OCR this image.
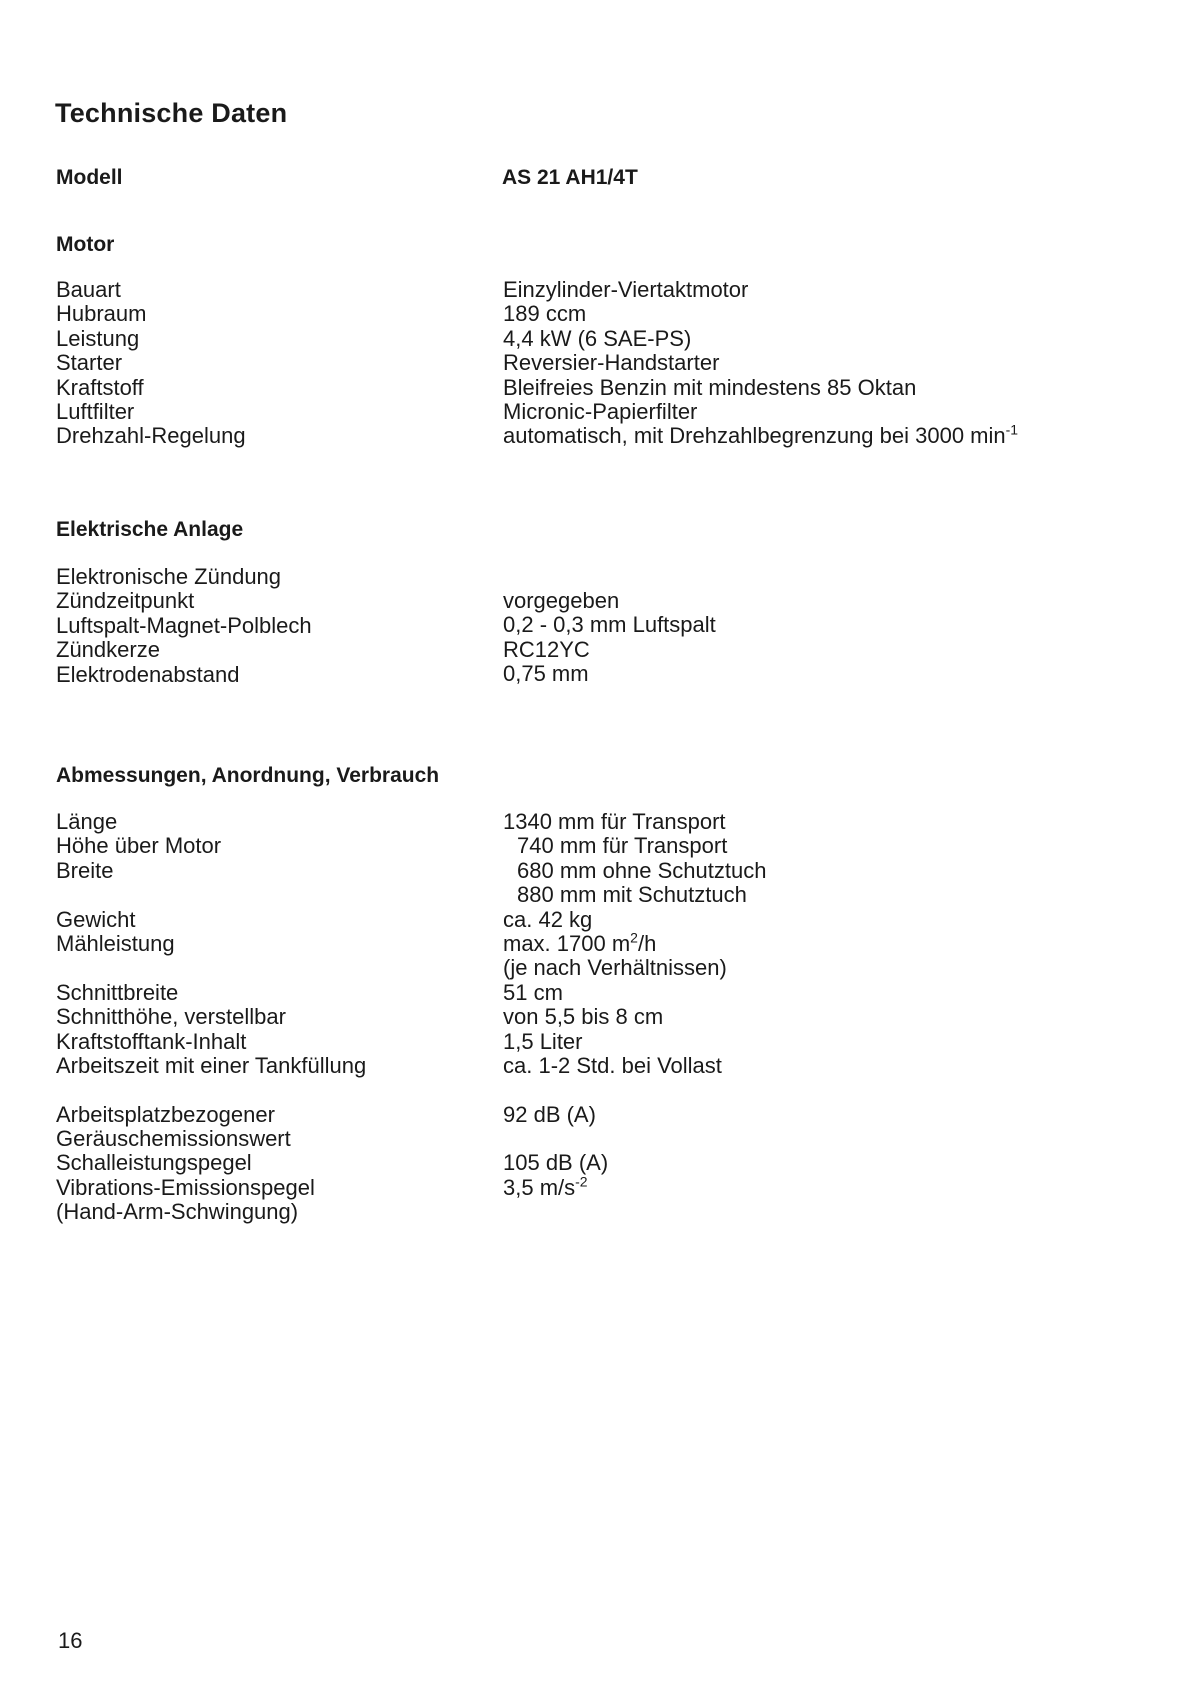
Technische Daten
Modell	AS 21 AH1/4T
Motor
Bauart
Hubraum
Leistung
Starter
Kraftstoff
Luftfilter
Drehzahl-Regelung
Einzylinder-Viertaktmotor
189 ccm
4,4 kW (6 SAE-PS)
Reversier-Handstarter
Bleifreies Benzin mit mindestens 85 Oktan
Micronic-Papierfilter
automatisch, mit Drehzahlbegrenzung bei 3000 $\min^{-1}$
Elektrische Anlage
Elektronische Zündung
Zündzeitpunkt
Luftspalt-Magnet-Polblech
Zündkerze
Elektrodenabstand
vorgegeben
0,2 - 0,3 mm Luftspalt
RC12YC
0,75 mm
Abmessungen, Anordnung, Verbrauch
Länge
Höhe über Motor
Breite
Gewicht
Mähleistung
Schnittbreite
Schnitthöhe, verstellbar
Kraftstofftank-Inhalt
Arbeitszeit mit einer Tankfüllung
Arbeitsplatzbezogener
Geräuschemissionswert
Schalleistungspegel
Vibrations-Emissionspegel
(Hand-Arm-Schwingung)
1340 mm für Transport
740 mm für Transport
680 mm ohne Schutztuch
880 mm mit Schutztuch
ca. 42 kg
max. 1700 $m^2/h$
(je nach Verhältnissen)
51 cm
von 5,5 bis 8 cm
1,5 Liter
ca. 1-2 Std. bei Vollast
92 dB (A)
105 dB (A)
3,5 $m/s^{-2}$
16
